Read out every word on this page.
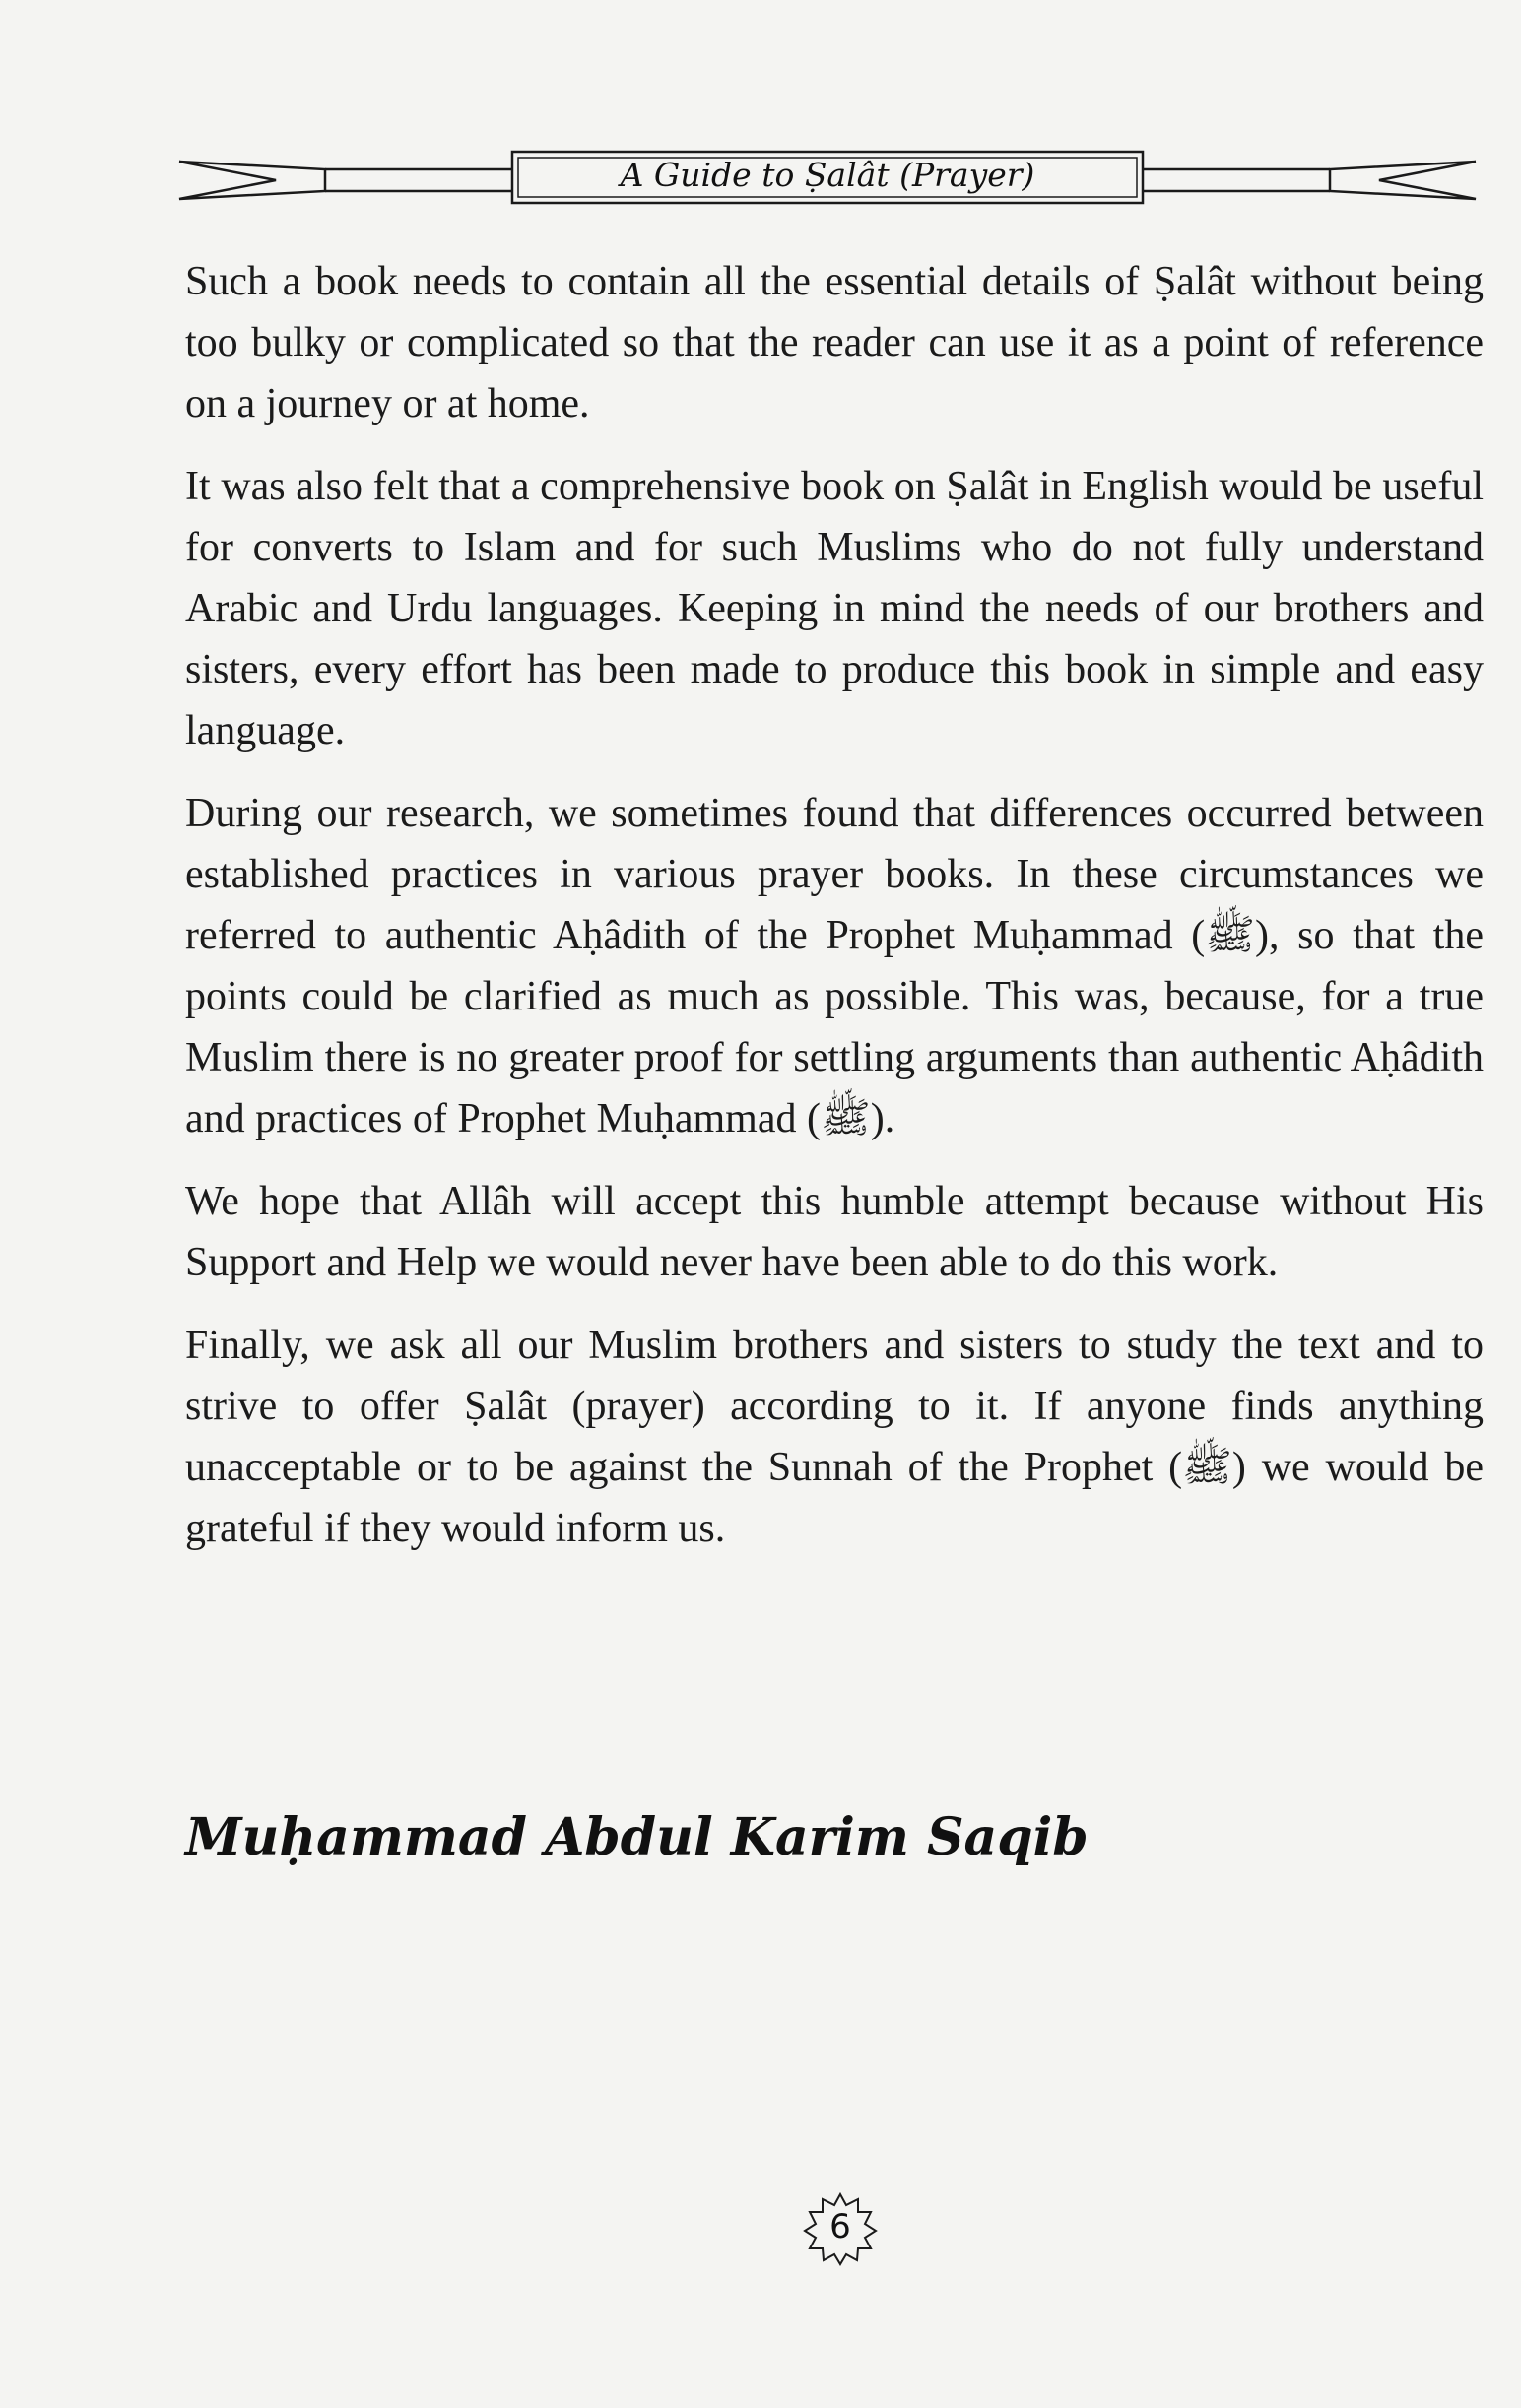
A Guide to Ṣalât (Prayer)

Such a book needs to contain all the essential details of Ṣalât without being too bulky or complicated so that the reader can use it as a point of reference on a journey or at home.

It was also felt that a comprehensive book on Ṣalât in English would be useful for converts to Islam and for such Muslims who do not fully understand Arabic and Urdu languages. Keeping in mind the needs of our brothers and sisters, every effort has been made to produce this book in simple and easy language.

During our research, we sometimes found that differences occurred between established practices in various prayer books. In these circumstances we referred to authentic Aḥâdith of the Prophet Muḥammad (ﷺ), so that the points could be clarified as much as possible. This was, because, for a true Muslim there is no greater proof for settling arguments than authentic Aḥâdith and practices of Prophet Muḥammad (ﷺ).

We hope that Allâh will accept this humble attempt because without His Support and Help we would never have been able to do this work.

Finally, we ask all our Muslim brothers and sisters to study the text and to strive to offer Ṣalât (prayer) according to it. If anyone finds anything unacceptable or to be against the Sunnah of the Prophet (ﷺ) we would be grateful if they would inform us.

Muḥammad Abdul Karim Saqib
6
